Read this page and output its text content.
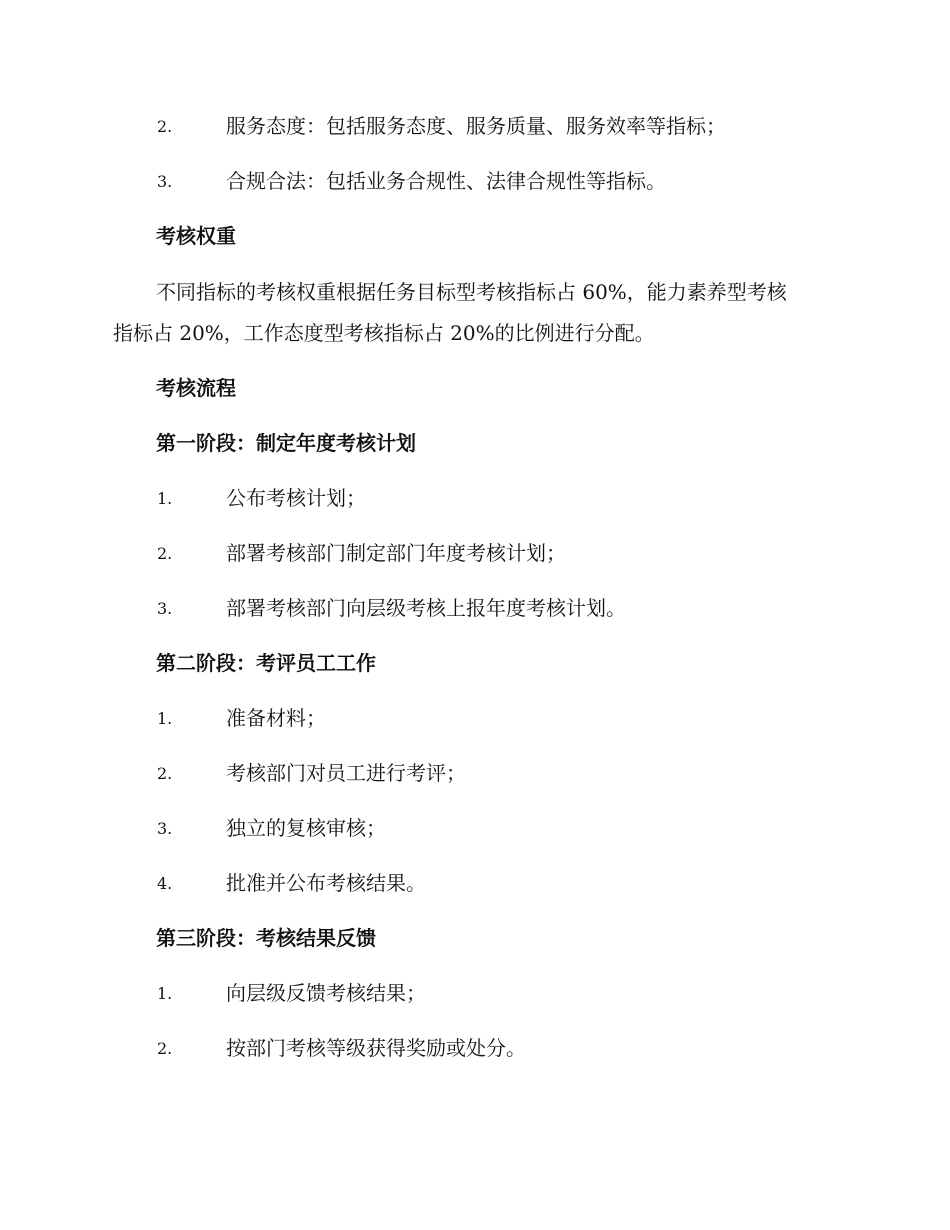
2.	服务态度：包括服务态度、服务质量、服务效率等指标；
3.	合规合法：包括业务合规性、法律合规性等指标。
考核权重
不同指标的考核权重根据任务目标型考核指标占 60%，能力素养型考核
指标占 20%，工作态度型考核指标占 20%的比例进行分配。
考核流程
第一阶段：制定年度考核计划
1.	公布考核计划；
2.	部署考核部门制定部门年度考核计划；
3.	部署考核部门向层级考核上报年度考核计划。
第二阶段：考评员工工作
1.	准备材料；
2.	考核部门对员工进行考评；
3.	独立的复核审核；
4.	批准并公布考核结果。
第三阶段：考核结果反馈
1.	向层级反馈考核结果；
2.	按部门考核等级获得奖励或处分。
